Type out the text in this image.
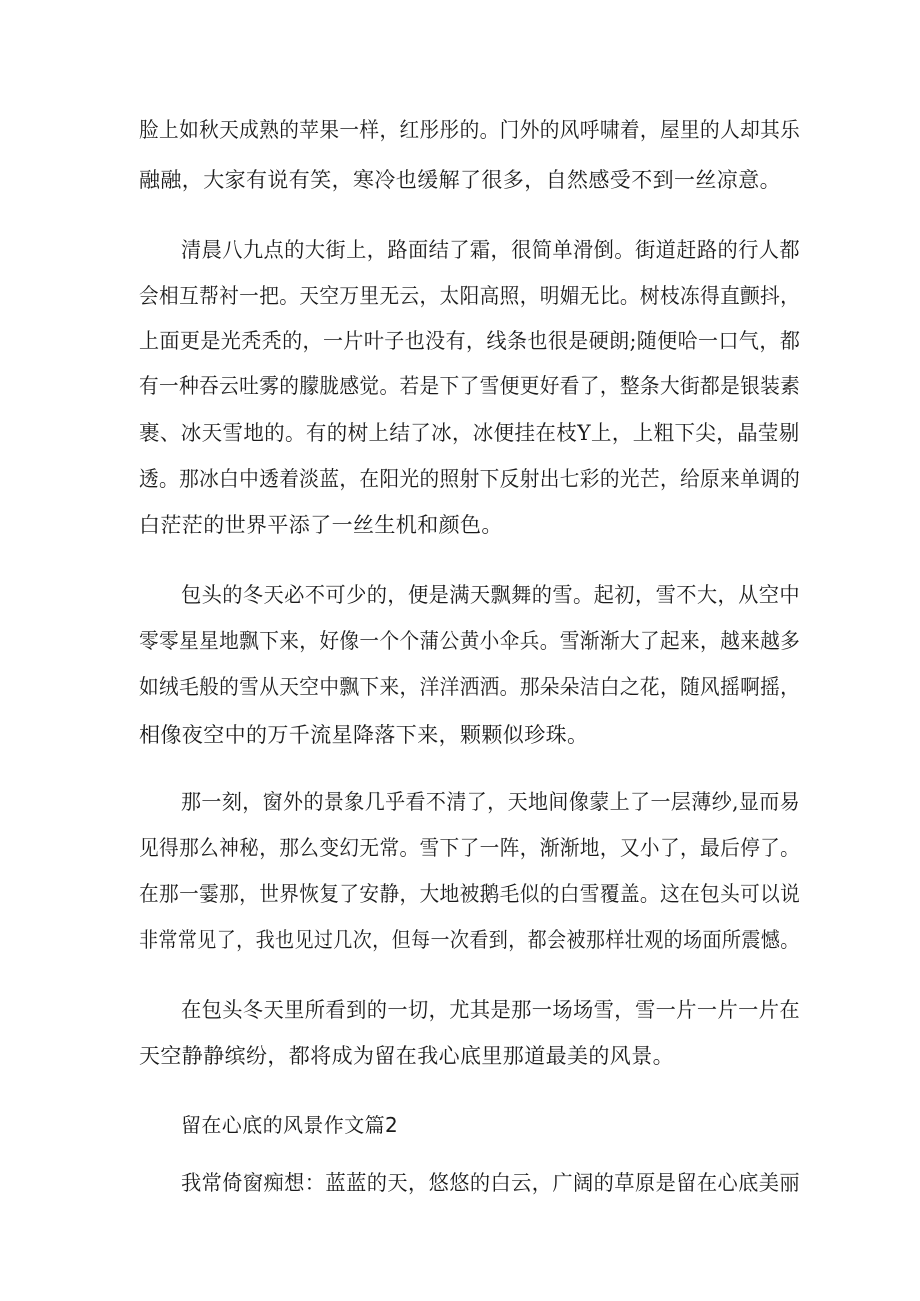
脸上如秋天成熟的苹果一样，红彤彤的。门外的风呼啸着，屋里的人却其乐
融融，大家有说有笑，寒冷也缓解了很多，自然感受不到一丝凉意。
清晨八九点的大街上，路面结了霜，很简单滑倒。街道赶路的行人都
会相互帮衬一把。天空万里无云，太阳高照，明媚无比。树枝冻得直颤抖，
上面更是光秃秃的，一片叶子也没有，线条也很是硬朗;随便哈一口气，都
有一种吞云吐雾的朦胧感觉。若是下了雪便更好看了，整条大街都是银装素
裹、冰天雪地的。有的树上结了冰，冰便挂在枝Y上，上粗下尖，晶莹剔
透。那冰白中透着淡蓝，在阳光的照射下反射出七彩的光芒，给原来单调的
白茫茫的世界平添了一丝生机和颜色。
包头的冬天必不可少的，便是满天飘舞的雪。起初，雪不大，从空中
零零星星地飘下来，好像一个个蒲公黄小伞兵。雪渐渐大了起来，越来越多
如绒毛般的雪从天空中飘下来，洋洋洒洒。那朵朵洁白之花，随风摇啊摇，
相像夜空中的万千流星降落下来，颗颗似珍珠。
那一刻，窗外的景象几乎看不清了，天地间像蒙上了一层薄纱,显而易
见得那么神秘，那么变幻无常。雪下了一阵，渐渐地，又小了，最后停了。
在那一霎那，世界恢复了安静，大地被鹅毛似的白雪覆盖。这在包头可以说
非常常见了，我也见过几次，但每一次看到，都会被那样壮观的场面所震憾。
在包头冬天里所看到的一切，尤其是那一场场雪，雪一片一片一片在
天空静静缤纷，都将成为留在我心底里那道最美的风景。
留在心底的风景作文篇2
我常倚窗痴想：蓝蓝的天，悠悠的白云，广阔的草原是留在心底美丽
